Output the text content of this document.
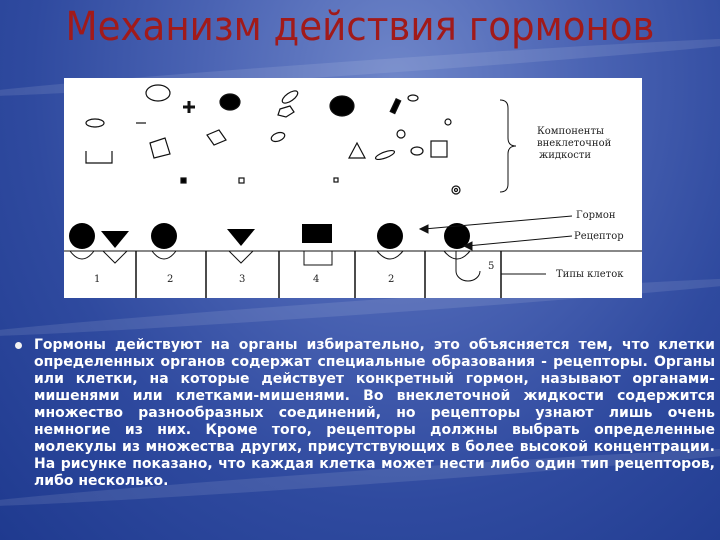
Механизм действия гормонов
Компоненты
внеклеточной
жидкости
1	2	3	4	2
5
Гормон
Рецептор
Типы клеток
Гормоны действуют на органы избирательно, это объясняется тем, что клетки определенных органов содержат специальные образования - рецепторы. Органы или клетки, на которые действует конкретный гормон, называют органами-мишенями или клетками-мишенями. Во внеклеточной жидкости содержится множество разнообразных соединений, но рецепторы узнают лишь очень немногие из них. Кроме того, рецепторы должны выбрать определенные молекулы из множества других, присутствующих в более высокой концентрации. На рисунке показано, что каждая клетка может нести либо один тип рецепторов, либо несколько.
